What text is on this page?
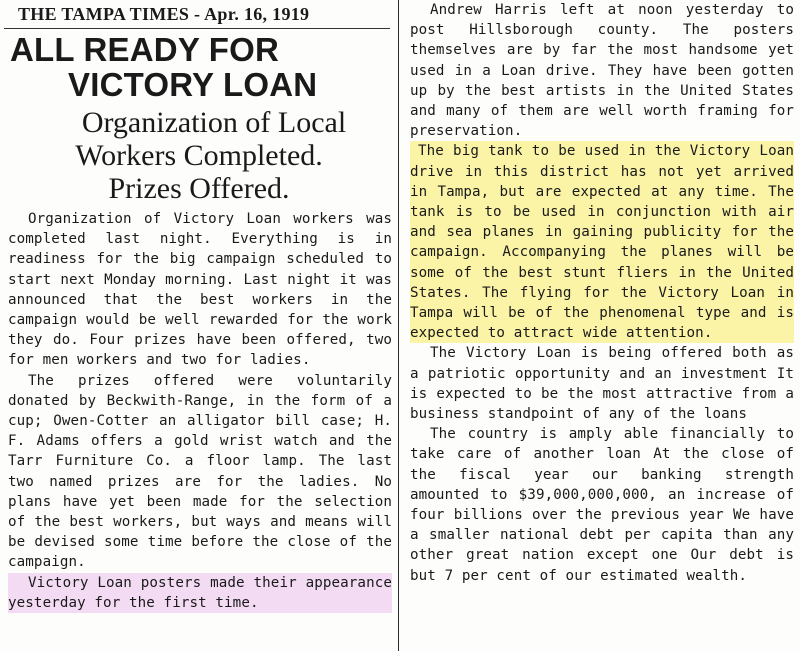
THE TAMPA TIMES - Apr. 16, 1919
ALL READY FOR
VICTORY LOAN
Organization of Local
Workers Completed.
Prizes Offered.

Organization of Victory Loan workers was completed last night. Everything is in readiness for the big campaign scheduled to start next Monday morning. Last night it was announced that the best workers in the campaign would be well rewarded for the work they do. Four prizes have been offered, two for men workers and two for ladies.

The prizes offered were voluntarily donated by Beckwith-Range, in the form of a cup; Owen-Cotter an alligator bill case; H. F. Adams offers a gold wrist watch and the Tarr Furniture Co. a floor lamp. The last two named prizes are for the ladies. No plans have yet been made for the selection of the best workers, but ways and means will be devised some time before the close of the campaign.

Victory Loan posters made their appearance yesterday for the first time.

Andrew Harris left at noon yesterday to post Hillsborough county. The posters themselves are by far the most handsome yet used in a Loan drive. They have been gotten up by the best artists in the United States and many of them are well worth framing for preservation.

The big tank to be used in the Victory Loan drive in this district has not yet arrived in Tampa, but are expected at any time. The tank is to be used in conjunction with air and sea planes in gaining publicity for the campaign. Accompanying the planes will be some of the best stunt fliers in the United States. The flying for the Victory Loan in Tampa will be of the phenomenal type and is expected to attract wide attention.

The Victory Loan is being offered both as a patriotic opportunity and an investment It is expected to be the most attractive from a business standpoint of any of the loans

The country is amply able financially to take care of another loan At the close of the fiscal year our banking strength amounted to $39,000,000,000, an increase of four billions over the previous year We have a smaller national debt per capita than any other great nation except one Our debt is but 7 per cent of our estimated wealth.
